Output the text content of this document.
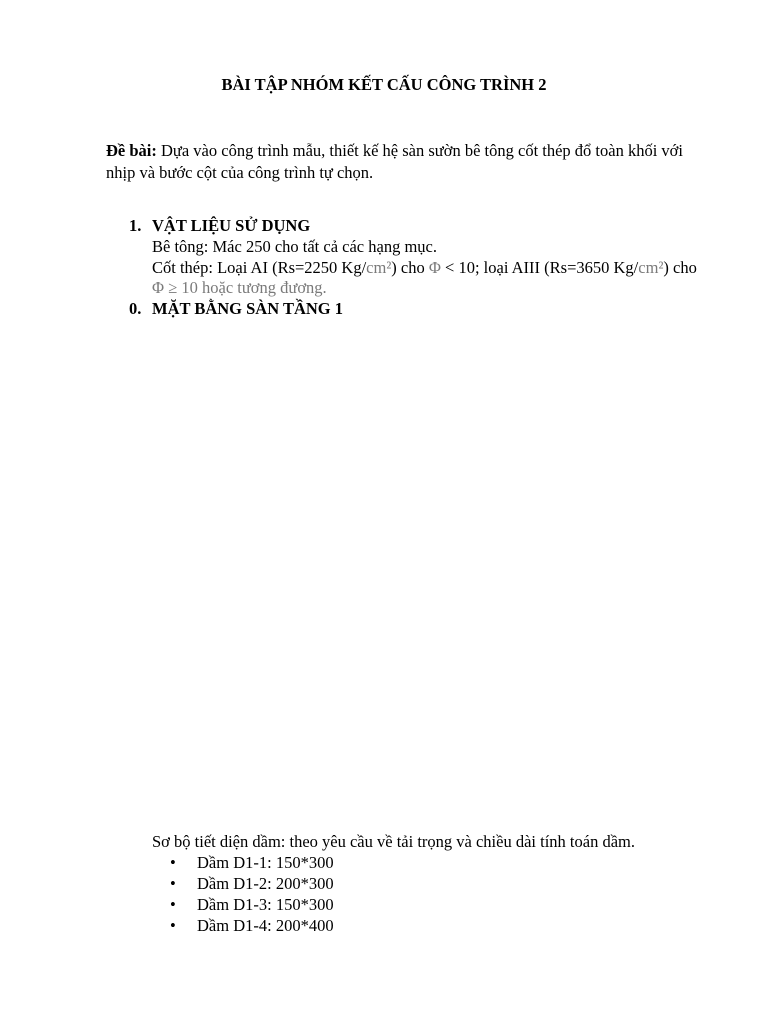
BÀI TẬP NHÓM KẾT CẤU CÔNG TRÌNH 2
Đề bài: Dựa vào công trình mẫu, thiết kế hệ sàn sườn bê tông cốt thép đổ toàn khối với nhịp và bước cột của công trình tự chọn.
1. VẬT LIỆU SỬ DỤNG
Bê tông: Mác 250 cho tất cả các hạng mục.
Cốt thép: Loại AI (Rs=2250 Kg/cm²) cho Φ < 10; loại AIII (Rs=3650 Kg/cm²) cho Φ ≥ 10 hoặc tương đương.
0. MẶT BẰNG SÀN TẦNG 1
Sơ bộ tiết diện dầm: theo yêu cầu về tải trọng và chiều dài tính toán dầm.
• Dầm D1-1: 150*300
• Dầm D1-2: 200*300
• Dầm D1-3: 150*300
• Dầm D1-4: 200*400
